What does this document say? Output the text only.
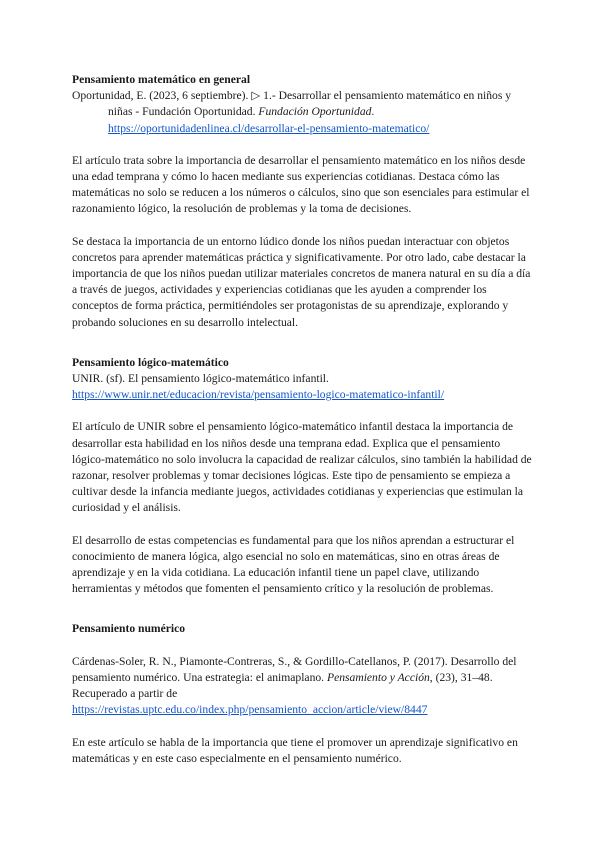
Pensamiento matemático en general

Oportunidad, E. (2023, 6 septiembre). ▷ 1.- Desarrollar el pensamiento matemático en niños y niñas - Fundación Oportunidad. Fundación Oportunidad.
https://oportunidadenlinea.cl/desarrollar-el-pensamiento-matematico/

El artículo trata sobre la importancia de desarrollar el pensamiento matemático en los niños desde una edad temprana y cómo lo hacen mediante sus experiencias cotidianas. Destaca cómo las matemáticas no solo se reducen a los números o cálculos, sino que son esenciales para estimular el razonamiento lógico, la resolución de problemas y la toma de decisiones.

Se destaca la importancia de un entorno lúdico donde los niños puedan interactuar con objetos concretos para aprender matemáticas práctica y significativamente. Por otro lado, cabe destacar la importancia de que los niños puedan utilizar materiales concretos de manera natural en su día a día a través de juegos, actividades y experiencias cotidianas que les ayuden a comprender los conceptos de forma práctica, permitiéndoles ser protagonistas de su aprendizaje, explorando y probando soluciones en su desarrollo intelectual.

Pensamiento lógico-matemático

UNIR. (sf). El pensamiento lógico-matemático infantil.

https://www.unir.net/educacion/revista/pensamiento-logico-matematico-infantil/

El artículo de UNIR sobre el pensamiento lógico-matemático infantil destaca la importancia de desarrollar esta habilidad en los niños desde una temprana edad. Explica que el pensamiento lógico-matemático no solo involucra la capacidad de realizar cálculos, sino también la habilidad de razonar, resolver problemas y tomar decisiones lógicas. Este tipo de pensamiento se empieza a cultivar desde la infancia mediante juegos, actividades cotidianas y experiencias que estimulan la curiosidad y el análisis.

El desarrollo de estas competencias es fundamental para que los niños aprendan a estructurar el conocimiento de manera lógica, algo esencial no solo en matemáticas, sino en otras áreas de aprendizaje y en la vida cotidiana. La educación infantil tiene un papel clave, utilizando herramientas y métodos que fomenten el pensamiento crítico y la resolución de problemas.

Pensamiento numérico

Cárdenas-Soler, R. N., Piamonte-Contreras, S., & Gordillo-Catellanos, P. (2017). Desarrollo del pensamiento numérico. Una estrategia: el animaplano. Pensamiento y Acción, (23), 31–48. Recuperado a partir de
https://revistas.uptc.edu.co/index.php/pensamiento_accion/article/view/8447

En este artículo se habla de la importancia que tiene el promover un aprendizaje significativo en matemáticas y en este caso especialmente en el pensamiento numérico.
